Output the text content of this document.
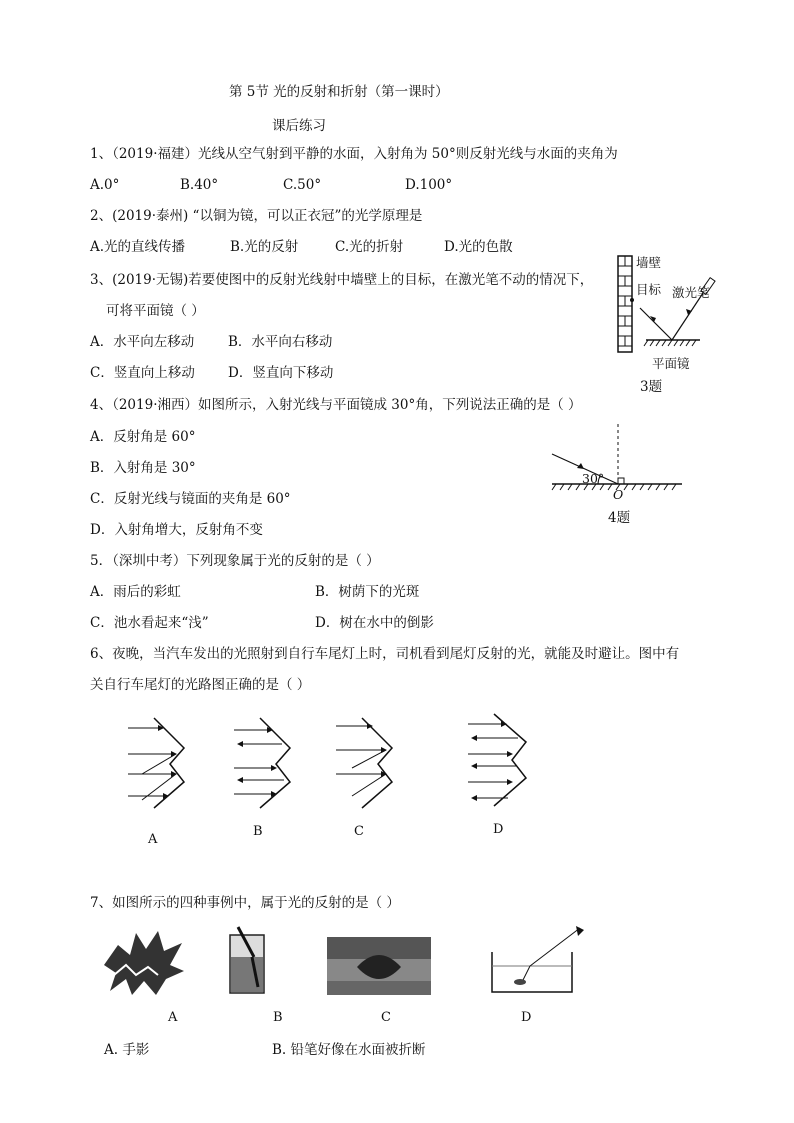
第 5节 光的反射和折射（第一课时）
课后练习
1、（2019·福建）光线从空气射到平静的水面，入射角为 50°则反射光线与水面的夹角为
A.0°	B.40°	C.50°	D.100°
2、(2019·泰州) “以铜为镜，可以正衣冠”的光学原理是
A.光的直线传播	B.光的反射	C.光的折射	D.光的色散
3、(2019·无锡)若要使图中的反射光线射中墙壁上的目标，在激光笔不动的情况下，
可将平面镜（ ）
A．水平向左移动	B．水平向右移动
C．竖直向上移动 D．竖直向下移动
墙壁
目标 激光笔
平面镜
3题
4、（2019·湘西）如图所示，入射光线与平面镜成 30°角，下列说法正确的是（ ）
A．反射角是 60°
B．入射角是 30°
C．反射光线与镜面的夹角是 60°
D．入射角增大，反射角不变
30°
O
4题
5．（深圳中考）下列现象属于光的反射的是（ ）
A．雨后的彩虹	B．树荫下的光斑
C．池水看起来“浅”	D．树在水中的倒影
6、夜晚，当汽车发出的光照射到自行车尾灯上时，司机看到尾灯反射的光，就能及时避让。图中有
关自行车尾灯的光路图正确的是（ ）
A
B	C	D
7、如图所示的四种事例中，属于光的反射的是（ ）
A	B	C	D
A. 手影	B. 铅笔好像在水面被折断
